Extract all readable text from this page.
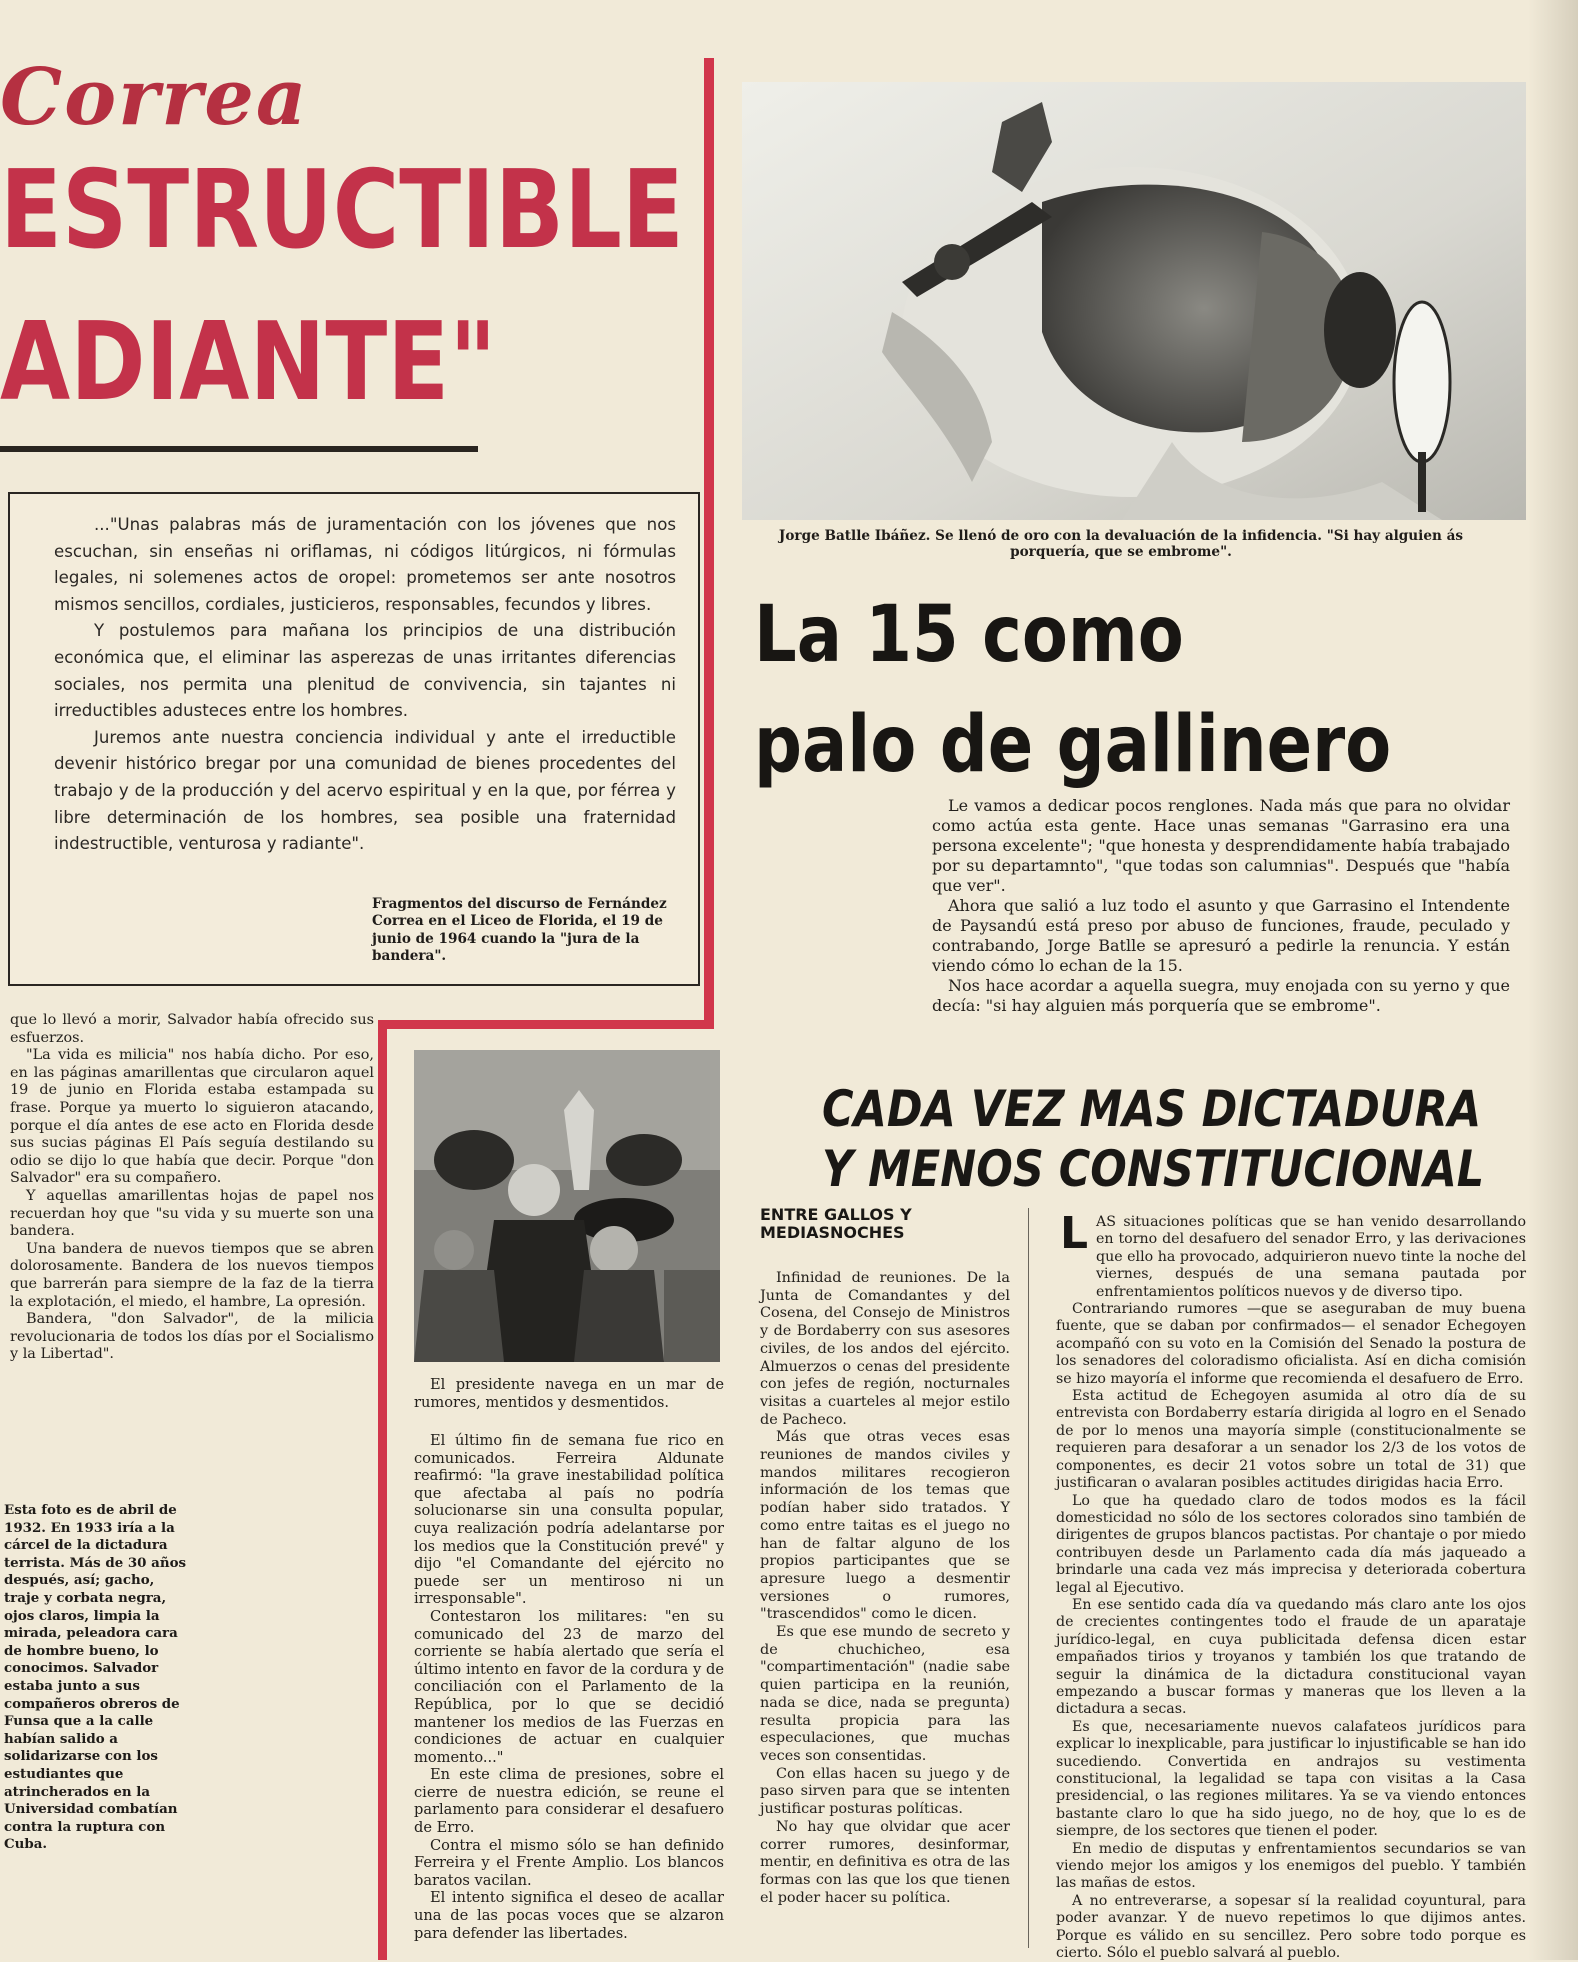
Correa
ESTRUCTIBLE
ADIANTE"

..."Unas palabras más de juramentación con los jóvenes que nos escuchan, sin enseñas ni oriflamas, ni códigos litúrgicos, ni fórmulas legales, ni solemenes actos de oropel: prometemos ser ante nosotros mismos sencillos, cordiales, justicieros, responsables, fecundos y libres.

Y postulemos para mañana los principios de una distribución económica que, el eliminar las asperezas de unas irritantes diferencias sociales, nos permita una plenitud de convivencia, sin tajantes ni irreductibles adusteces entre los hombres.

Juremos ante nuestra conciencia individual y ante el irreductible devenir histórico bregar por una comunidad de bienes procedentes del trabajo y de la producción y del acervo espiritual y en la que, por férrea y libre determinación de los hombres, sea posible una fraternidad indestructible, venturosa y radiante".

Fragmentos del discurso de Fernández Correa en el Liceo de Florida, el 19 de junio de 1964 cuando la "jura de la bandera".

que lo llevó a morir, Salvador había ofrecido sus esfuerzos.

"La vida es milicia" nos había dicho. Por eso, en las páginas amarillentas que circularon aquel 19 de junio en Florida estaba estampada su frase. Porque ya muerto lo siguieron atacando, porque el día antes de ese acto en Florida desde sus sucias páginas El País seguía destilando su odio se dijo lo que había que decir. Porque "don Salvador" era su compañero.

Y aquellas amarillentas hojas de papel nos recuerdan hoy que "su vida y su muerte son una bandera.

Una bandera de nuevos tiempos que se abren dolorosamente. Bandera de los nuevos tiempos que barrerán para siempre de la faz de la tierra la explotación, el miedo, el hambre, La opresión.

Bandera, "don Salvador", de la milicia revolucionaria de todos los días por el Socialismo y la Libertad".

Esta foto es de abril de 1932. En 1933 iría a la cárcel de la dictadura terrista. Más de 30 años después, así; gacho, traje y corbata negra, ojos claros, limpia la mirada, peleadora cara de hombre bueno, lo conocimos. Salvador estaba junto a sus compañeros obreros de Funsa que a la calle habían salido a solidarizarse con los estudiantes que atrincherados en la Universidad combatían contra la ruptura con Cuba.
Jorge Batlle Ibáñez. Se llenó de oro con la devaluación de la infidencia. "Si hay alguien ás porquería, que se embrome".
La 15 como
palo de gallinero

Le vamos a dedicar pocos renglones. Nada más que para no olvidar como actúa esta gente. Hace unas semanas "Garrasino era una persona excelente"; "que honesta y desprendidamente había trabajado por su departamnto", "que todas son calumnias". Después que "había que ver".

Ahora que salió a luz todo el asunto y que Garrasino el Intendente de Paysandú está preso por abuso de funciones, fraude, peculado y contrabando, Jorge Batlle se apresuró a pedirle la renuncia. Y están viendo cómo lo echan de la 15.

Nos hace acordar a aquella suegra, muy enojada con su yerno y que decía: "si hay alguien más porquería que se embrome".

El presidente navega en un mar de rumores, mentidos y desmentidos.

El último fin de semana fue rico en comunicados. Ferreira Aldunate reafirmó: "la grave inestabilidad política que afectaba al país no podría solucionarse sin una consulta popular, cuya realización podría adelantarse por los medios que la Constitución prevé" y dijo "el Comandante del ejército no puede ser un mentiroso ni un irresponsable".

Contestaron los militares: "en su comunicado del 23 de marzo del corriente se había alertado que sería el último intento en favor de la cordura y de conciliación con el Parlamento de la República, por lo que se decidió mantener los medios de las Fuerzas en condiciones de actuar en cualquier momento..."

En este clima de presiones, sobre el cierre de nuestra edición, se reune el parlamento para considerar el desafuero de Erro.

Contra el mismo sólo se han definido Ferreira y el Frente Amplio. Los blancos baratos vacilan.

El intento significa el deseo de acallar una de las pocas voces que se alzaron para defender las libertades.

CADA VEZ MAS DICTADURA
Y MENOS CONSTITUCIONAL
ENTRE GALLOS Y MEDIASNOCHES

Infinidad de reuniones. De la Junta de Comandantes y del Cosena, del Consejo de Ministros y de Bordaberry con sus asesores civiles, de los andos del ejército. Almuerzos o cenas del presidente con jefes de región, nocturnales visitas a cuarteles al mejor estilo de Pacheco.

Más que otras veces esas reuniones de mandos civiles y mandos militares recogieron información de los temas que podían haber sido tratados. Y como entre taitas es el juego no han de faltar alguno de los propios participantes que se apresure luego a desmentir versiones o rumores, "trascendidos" como le dicen.

Es que ese mundo de secreto y de chuchicheo, esa "compartimentación" (nadie sabe quien participa en la reunión, nada se dice, nada se pregunta) resulta propicia para las especulaciones, que muchas veces son consentidas.

Con ellas hacen su juego y de paso sirven para que se intenten justificar posturas políticas.

No hay que olvidar que acer correr rumores, desinformar, mentir, en definitiva es otra de las formas con las que los que tienen el poder hacer su política.

L AS situaciones políticas que se han venido desarrollando en torno del desafuero del senador Erro, y las derivaciones que ello ha provocado, adquirieron nuevo tinte la noche del viernes, después de una semana pautada por enfrentamientos políticos nuevos y de diverso tipo.

Contrariando rumores —que se aseguraban de muy buena fuente, que se daban por confirmados— el senador Echegoyen acompañó con su voto en la Comisión del Senado la postura de los senadores del coloradismo oficialista. Así en dicha comisión se hizo mayoría el informe que recomienda el desafuero de Erro.

Esta actitud de Echegoyen asumida al otro día de su entrevista con Bordaberry estaría dirigida al logro en el Senado de por lo menos una mayoría simple (constitucionalmente se requieren para desaforar a un senador los 2/3 de los votos de componentes, es decir 21 votos sobre un total de 31) que justificaran o avalaran posibles actitudes dirigidas hacia Erro.

Lo que ha quedado claro de todos modos es la fácil domesticidad no sólo de los sectores colorados sino también de dirigentes de grupos blancos pactistas. Por chantaje o por miedo contribuyen desde un Parlamento cada día más jaqueado a brindarle una cada vez más imprecisa y deteriorada cobertura legal al Ejecutivo.

En ese sentido cada día va quedando más claro ante los ojos de crecientes contingentes todo el fraude de un aparataje jurídico-legal, en cuya publicitada defensa dicen estar empañados tirios y troyanos y también los que tratando de seguir la dinámica de la dictadura constitucional vayan empezando a buscar formas y maneras que los lleven a la dictadura a secas.

Es que, necesariamente nuevos calafateos jurídicos para explicar lo inexplicable, para justificar lo injustificable se han ido sucediendo. Convertida en andrajos su vestimenta constitucional, la legalidad se tapa con visitas a la Casa presidencial, o las regiones militares. Ya se va viendo entonces bastante claro lo que ha sido juego, no de hoy, que lo es de siempre, de los sectores que tienen el poder.

En medio de disputas y enfrentamientos secundarios se van viendo mejor los amigos y los enemigos del pueblo. Y también las mañas de estos.

A no entreverarse, a sopesar sí la realidad coyuntural, para poder avanzar. Y de nuevo repetimos lo que dijimos antes. Porque es válido en su sencillez. Pero sobre todo porque es cierto. Sólo el pueblo salvará al pueblo.
